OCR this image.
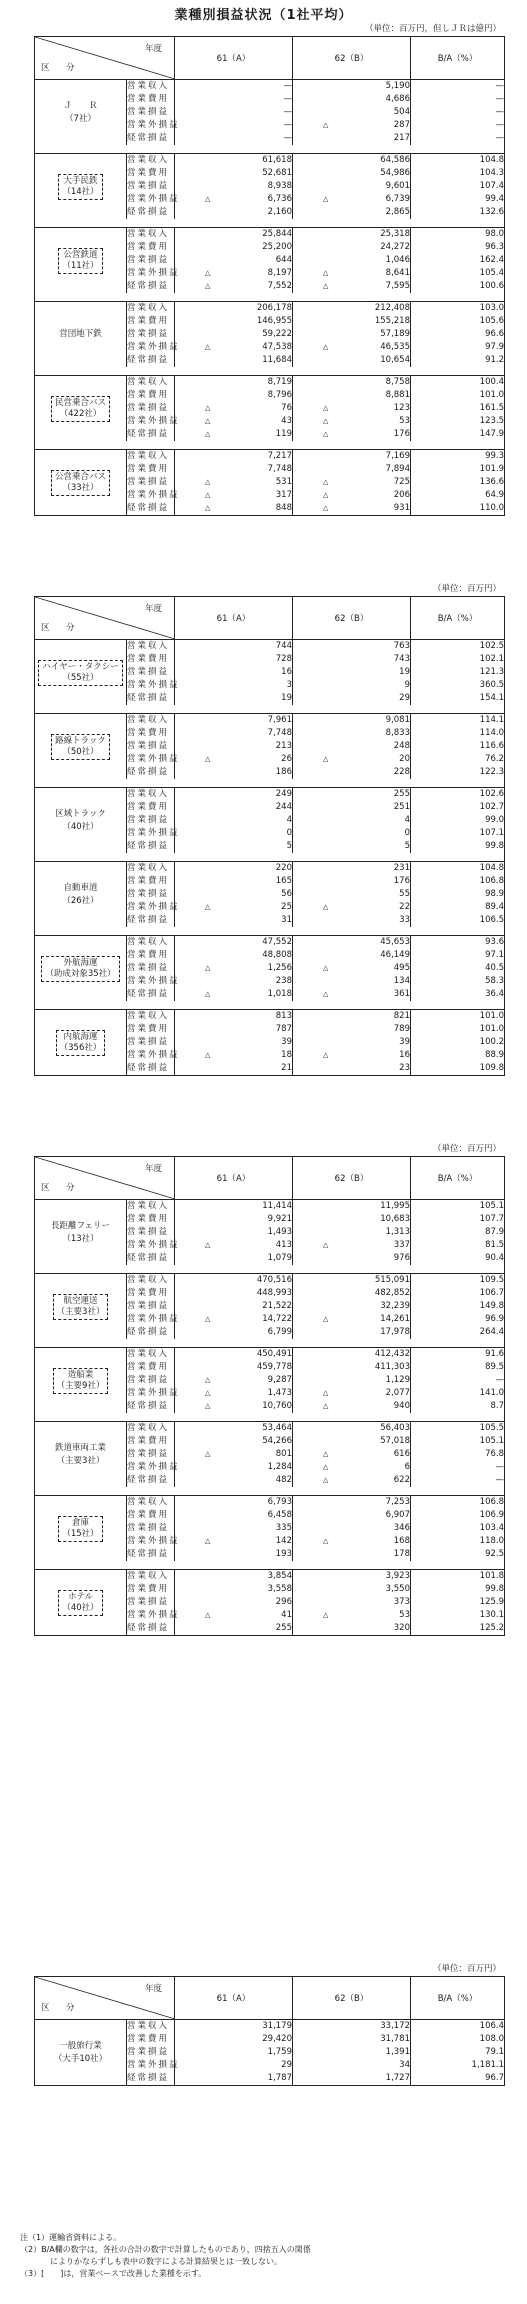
業種別損益状況（1社平均）
（単位：百万円，但しＪＲは億円）
年度
区　分		61（A）	62（B）	B/A（%）

Ｊ　　Ｒ
（7社）	営業収入	—	5,190	—
	営業費用	—	4,686	—
	営業損益	—	504	—
	営業外損益	—	△ 287	—
	経常損益	—	217	—

大手民鉄
（14社）	営業収入	61,618	64,586	104.8
	営業費用	52,681	54,986	104.3
	営業損益	8,938	9,601	107.4
	営業外損益	△ 6,736	△ 6,739	99.4
	経常損益	2,160	2,865	132.6

公営鉄道
（11社）	営業収入	25,844	25,318	98.0
	営業費用	25,200	24,272	96.3
	営業損益	644	1,046	162.4
	営業外損益	△ 8,197	△ 8,641	105.4
	経常損益	△ 7,552	△ 7,595	100.6

営団地下鉄	営業収入	206,178	212,408	103.0
	営業費用	146,955	155,218	105.6
	営業損益	59,222	57,189	96.6
	営業外損益	△ 47,538	△ 46,535	97.9
	経常損益	11,684	10,654	91.2

民営乗合バス
（422社）	営業収入	8,719	8,758	100.4
	営業費用	8,796	8,881	101.0
	営業損益	△ 76	△ 123	161.5
	営業外損益	△ 43	△ 53	123.5
	経常損益	△ 119	△ 176	147.9

公営乗合バス
（33社）	営業収入	7,217	7,169	99.3
	営業費用	7,748	7,894	101.9
	営業損益	△ 531	△ 725	136.6
	営業外損益	△ 317	△ 206	64.9
	経常損益	△ 848	△ 931	110.0
（単位：百万円）
年度
区　分		61（A）	62（B）	B/A（%）

ハイヤー・タクシー
（55社）	営業収入	744	763	102.5
	営業費用	728	743	102.1
	営業損益	16	19	121.3
	営業外損益	3	9	360.5
	経常損益	19	29	154.1

路線トラック
（50社）	営業収入	7,961	9,081	114.1
	営業費用	7,748	8,833	114.0
	営業損益	213	248	116.6
	営業外損益	△ 26	△ 20	76.2
	経常損益	186	228	122.3

区域トラック
（40社）	営業収入	249	255	102.6
	営業費用	244	251	102.7
	営業損益	4	4	99.0
	営業外損益	0	0	107.1
	経常損益	5	5	99.8

自動車道
（26社）	営業収入	220	231	104.8
	営業費用	165	176	106.8
	営業損益	56	55	98.9
	営業外損益	△ 25	△ 22	89.4
	経常損益	31	33	106.5

外航海運
（助成対象35社）	営業収入	47,552	45,653	93.6
	営業費用	48,808	46,149	97.1
	営業損益	△ 1,256	△ 495	40.5
	営業外損益	238	134	58.3
	経常損益	△ 1,018	△ 361	36.4

内航海運
（356社）	営業収入	813	821	101.0
	営業費用	787	789	101.0
	営業損益	39	39	100.2
	営業外損益	△ 18	△ 16	88.9
	経常損益	21	23	109.8
（単位：百万円）
年度
区　分		61（A）	62（B）	B/A（%）

長距離フェリー
（13社）	営業収入	11,414	11,995	105.1
	営業費用	9,921	10,683	107.7
	営業損益	1,493	1,313	87.9
	営業外損益	△ 413	△ 337	81.5
	経常損益	1,079	976	90.4

航空運送
（主要3社）	営業収入	470,516	515,091	109.5
	営業費用	448,993	482,852	106.7
	営業損益	21,522	32,239	149.8
	営業外損益	△ 14,722	△ 14,261	96.9
	経常損益	6,799	17,978	264.4

造船業
（主要9社）	営業収入	450,491	412,432	91.6
	営業費用	459,778	411,303	89.5
	営業損益	△ 9,287	1,129	—
	営業外損益	△ 1,473	△ 2,077	141.0
	経常損益	△ 10,760	△ 940	8.7

鉄道車両工業
（主要3社）	営業収入	53,464	56,403	105.5
	営業費用	54,266	57,018	105.1
	営業損益	△ 801	△ 616	76.8
	営業外損益	1,284	△ 6	—
	経常損益	482	△ 622	—

倉庫
（15社）	営業収入	6,793	7,253	106.8
	営業費用	6,458	6,907	106.9
	営業損益	335	346	103.4
	営業外損益	△ 142	△ 168	118.0
	経常損益	193	178	92.5

ホテル
（40社）	営業収入	3,854	3,923	101.8
	営業費用	3,558	3,550	99.8
	営業損益	296	373	125.9
	営業外損益	△ 41	△ 53	130.1
	経常損益	255	320	125.2
（単位：百万円）
年度
区　分		61（A）	62（B）	B/A（%）

一般旅行業
（大手10社）	営業収入	31,179	33,172	106.4
	営業費用	29,420	31,781	108.0
	営業損益	1,759	1,391	79.1
	営業外損益	29	34	1,181.1
	経常損益	1,787	1,727	96.7
注（1）運輸省資料による。
（2）B/A欄の数字は，各社の合計の数字で計算したものであり，四捨五入の関係
によりかならずしも表中の数字による計算結果とは一致しない。
（3）[　　]は，営業ベースで改善した業種を示す。
